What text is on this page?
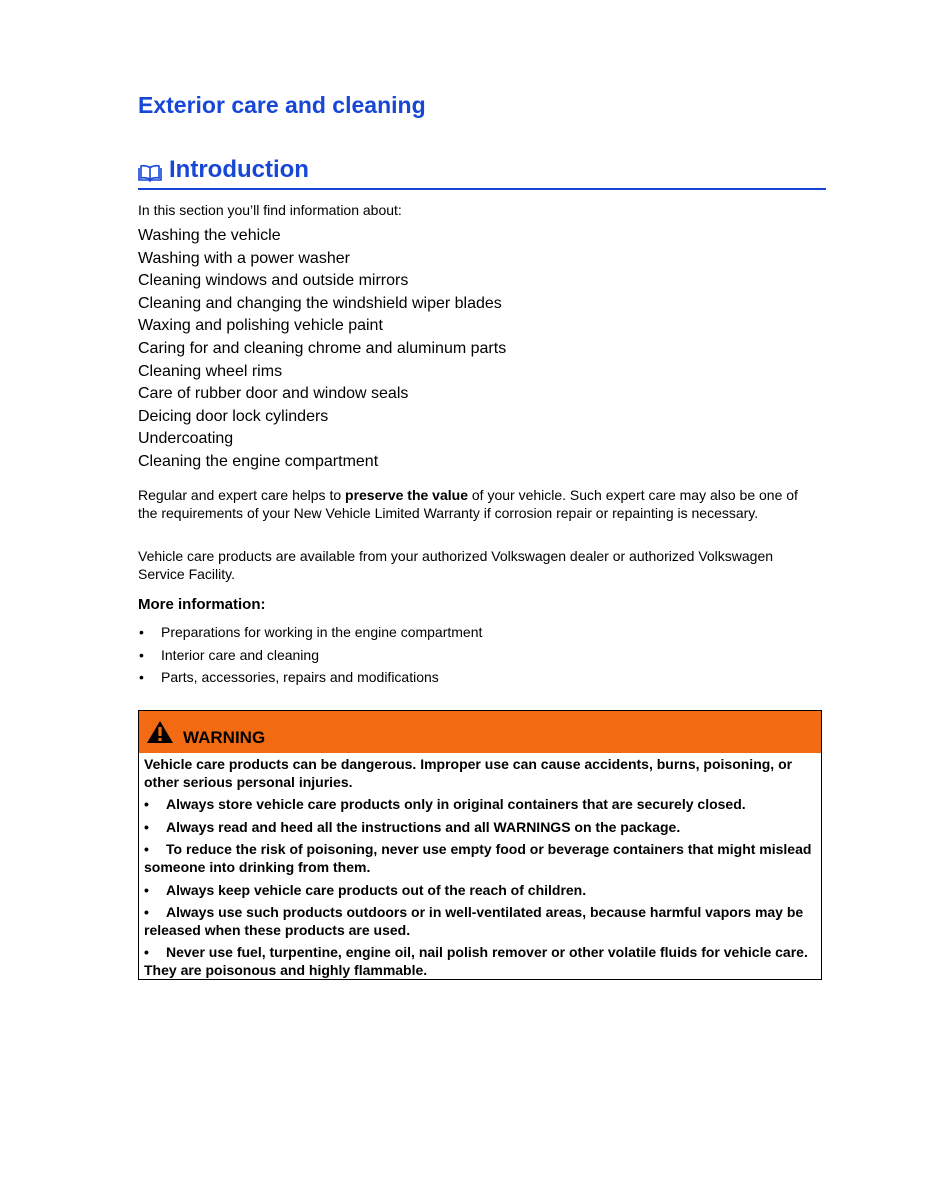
Exterior care and cleaning
Introduction
In this section you’ll find information about:
Washing the vehicle
Washing with a power washer
Cleaning windows and outside mirrors
Cleaning and changing the windshield wiper blades
Waxing and polishing vehicle paint
Caring for and cleaning chrome and aluminum parts
Cleaning wheel rims
Care of rubber door and window seals
Deicing door lock cylinders
Undercoating
Cleaning the engine compartment

Regular and expert care helps to preserve the value of your vehicle. Such expert care may also be one of the requirements of your New Vehicle Limited Warranty if corrosion repair or repainting is necessary.

Vehicle care products are available from your authorized Volkswagen dealer or authorized Volkswagen Service Facility.

More information:
• Preparations for working in the engine compartment
• Interior care and cleaning
• Parts, accessories, repairs and modifications
WARNING

Vehicle care products can be dangerous. Improper use can cause accidents, burns, poisoning, or other serious personal injuries.

• Always store vehicle care products only in original containers that are securely closed.

• Always read and heed all the instructions and all WARNINGS on the package.

• To reduce the risk of poisoning, never use empty food or beverage containers that might mislead someone into drinking from them.

• Always keep vehicle care products out of the reach of children.

• Always use such products outdoors or in well-ventilated areas, because harmful vapors may be released when these products are used.

• Never use fuel, turpentine, engine oil, nail polish remover or other volatile fluids for vehicle care. They are poisonous and highly flammable.
